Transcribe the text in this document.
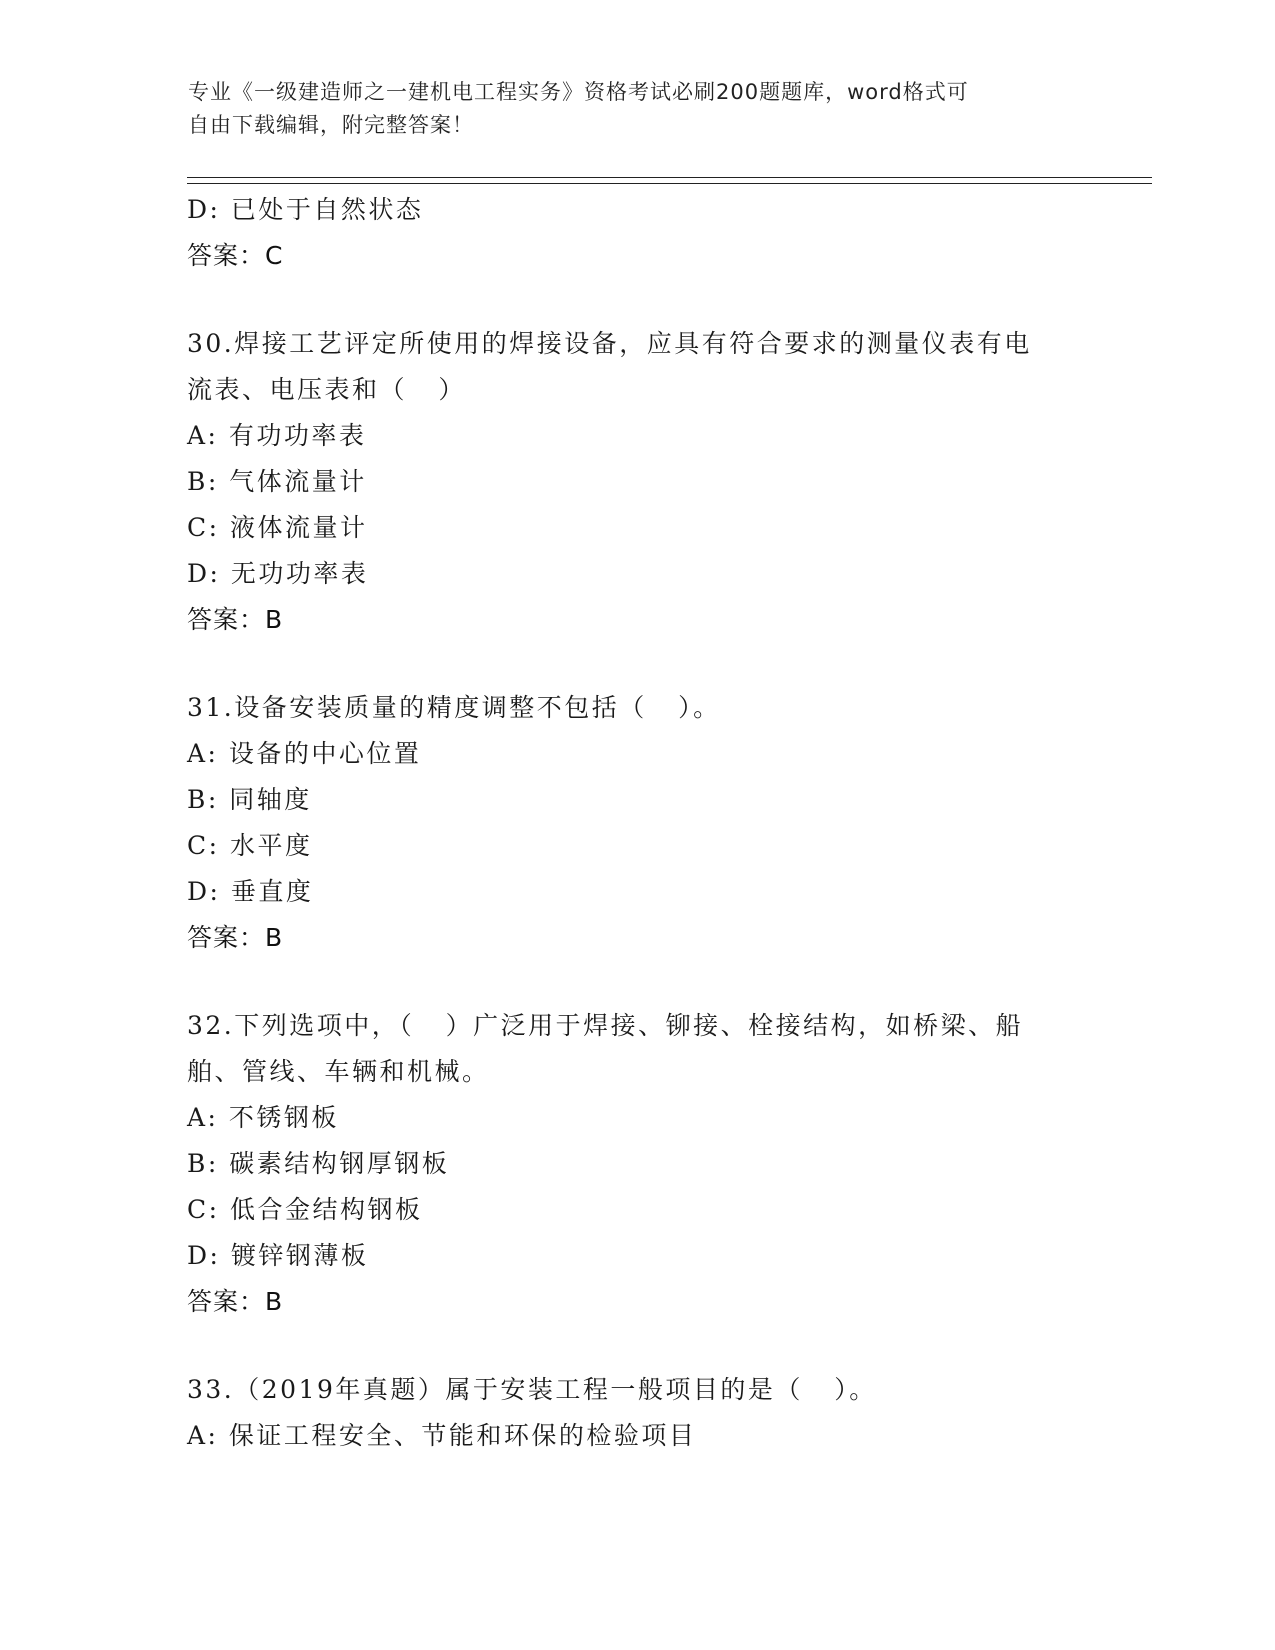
专业《一级建造师之一建机电工程实务》资格考试必刷200题题库，word格式可
自由下载编辑，附完整答案！
D: 已处于自然状态
答案：C
30.焊接工艺评定所使用的焊接设备，应具有符合要求的测量仪表有电
流表、电压表和（   ）
A: 有功功率表
B: 气体流量计
C: 液体流量计
D: 无功功率表
答案：B
31.设备安装质量的精度调整不包括（   ）。
A: 设备的中心位置
B: 同轴度
C: 水平度
D: 垂直度
答案：B
32.下列选项中，（   ）广泛用于焊接、铆接、栓接结构，如桥梁、船
舶、管线、车辆和机械。
A: 不锈钢板
B: 碳素结构钢厚钢板
C: 低合金结构钢板
D: 镀锌钢薄板
答案：B
33.（2019年真题）属于安装工程一般项目的是（   ）。
A: 保证工程安全、节能和环保的检验项目
